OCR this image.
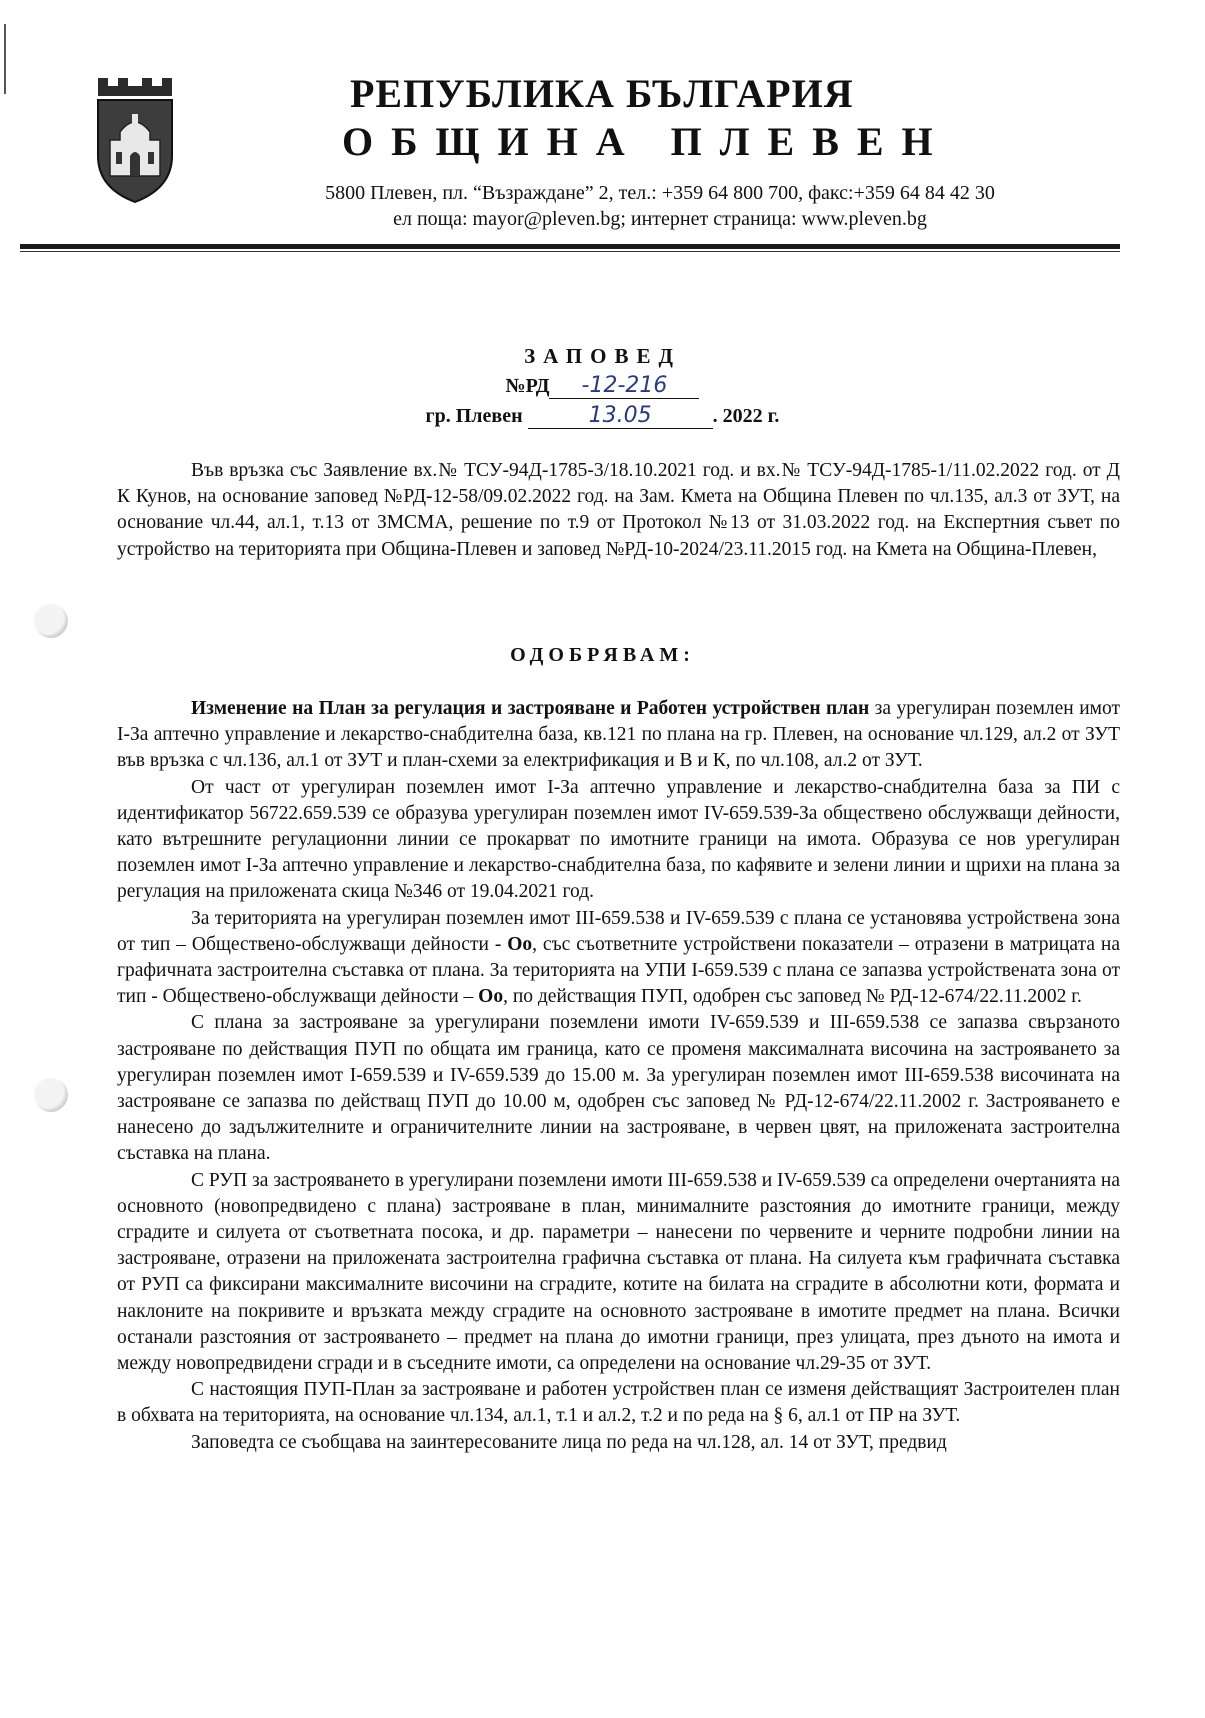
РЕПУБЛИКА БЪЛГАРИЯ
ОБЩИНА ПЛЕВЕН
5800 Плевен, пл. “Възраждане” 2, тел.: +359 64 800 700, факс:+359 64 84 42 30
ел поща: mayor@pleven.bg; интернет страница: www.pleven.bg
ЗАПОВЕД
№РД -12-216
гр. Плевен	13.05	. 2022 г.

Във връзка със Заявление вх.№ ТСУ-94Д-1785-3/18.10.2021 год. и вх.№ ТСУ-94Д-1785-1/11.02.2022 год. от Д К Кунов, на основание заповед №РД-12-58/09.02.2022 год. на Зам. Кмета на Община Плевен по чл.135, ал.3 от ЗУТ, на основание чл.44, ал.1, т.13 от ЗМСМА, решение по т.9 от Протокол №13 от 31.03.2022 год. на Експертния съвет по устройство на територията при Община-Плевен и заповед №РД-10-2024/23.11.2015 год. на Кмета на Община-Плевен,

ОДОБРЯВАМ:

Изменение на План за регулация и застрояване и Работен устройствен план за урегулиран поземлен имот I-За аптечно управление и лекарство-снабдителна база, кв.121 по плана на гр. Плевен, на основание чл.129, ал.2 от ЗУТ във връзка с чл.136, ал.1 от ЗУТ и план-схеми за електрификация и В и К, по чл.108, ал.2 от ЗУТ.

От част от урегулиран поземлен имот I-За аптечно управление и лекарство-снабдителна база за ПИ с идентификатор 56722.659.539 се образува урегулиран поземлен имот IV-659.539-За обществено обслужващи дейности, като вътрешните регулационни линии се прокарват по имотните граници на имота. Образува се нов урегулиран поземлен имот I-За аптечно управление и лекарство-снабдителна база, по кафявите и зелени линии и щрихи на плана за регулация на приложената скица №346 от 19.04.2021 год.

За територията на урегулиран поземлен имот III-659.538 и IV-659.539 с плана се установява устройствена зона от тип – Обществено-обслужващи дейности - Оо, със съответните устройствени показатели – отразени в матрицата на графичната застроителна съставка от плана. За територията на УПИ I-659.539 с плана се запазва устройствената зона от тип - Обществено-обслужващи дейности – Оо, по действащия ПУП, одобрен със заповед № РД-12-674/22.11.2002 г.

С плана за застрояване за урегулирани поземлени имоти IV-659.539 и III-659.538 се запазва свързаното застрояване по действащия ПУП по общата им граница, като се променя максималната височина на застрояването за урегулиран поземлен имот I-659.539 и IV-659.539 до 15.00 м. За урегулиран поземлен имот III-659.538 височината на застрояване се запазва по действащ ПУП до 10.00 м, одобрен със заповед № РД-12-674/22.11.2002 г. Застрояването е нанесено до задължителните и ограничителните линии на застрояване, в червен цвят, на приложената застроителна съставка на плана.

С РУП за застрояването в урегулирани поземлени имоти III-659.538 и IV-659.539 са определени очертанията на основното (новопредвидено с плана) застрояване в план, минималните разстояния до имотните граници, между сградите и силуета от съответната посока, и др. параметри – нанесени по червените и черните подробни линии на застрояване, отразени на приложената застроителна графична съставка от плана. На силуета към графичната съставка от РУП са фиксирани максималните височини на сградите, котите на билата на сградите в абсолютни коти, формата и наклоните на покривите и връзката между сградите на основното застрояване в имотите предмет на плана. Всички останали разстояния от застрояването – предмет на плана до имотни граници, през улицата, през дъното на имота и между новопредвидени сгради и в съседните имоти, са определени на основание чл.29-35 от ЗУТ.

С настоящия ПУП-План за застрояване и работен устройствен план се изменя действащият Застроителен план в обхвата на територията, на основание чл.134, ал.1, т.1 и ал.2, т.2 и по реда на § 6, ал.1 от ПР на ЗУТ.

Заповедта се съобщава на заинтересованите лица по реда на чл.128, ал. 14 от ЗУТ, предвид
